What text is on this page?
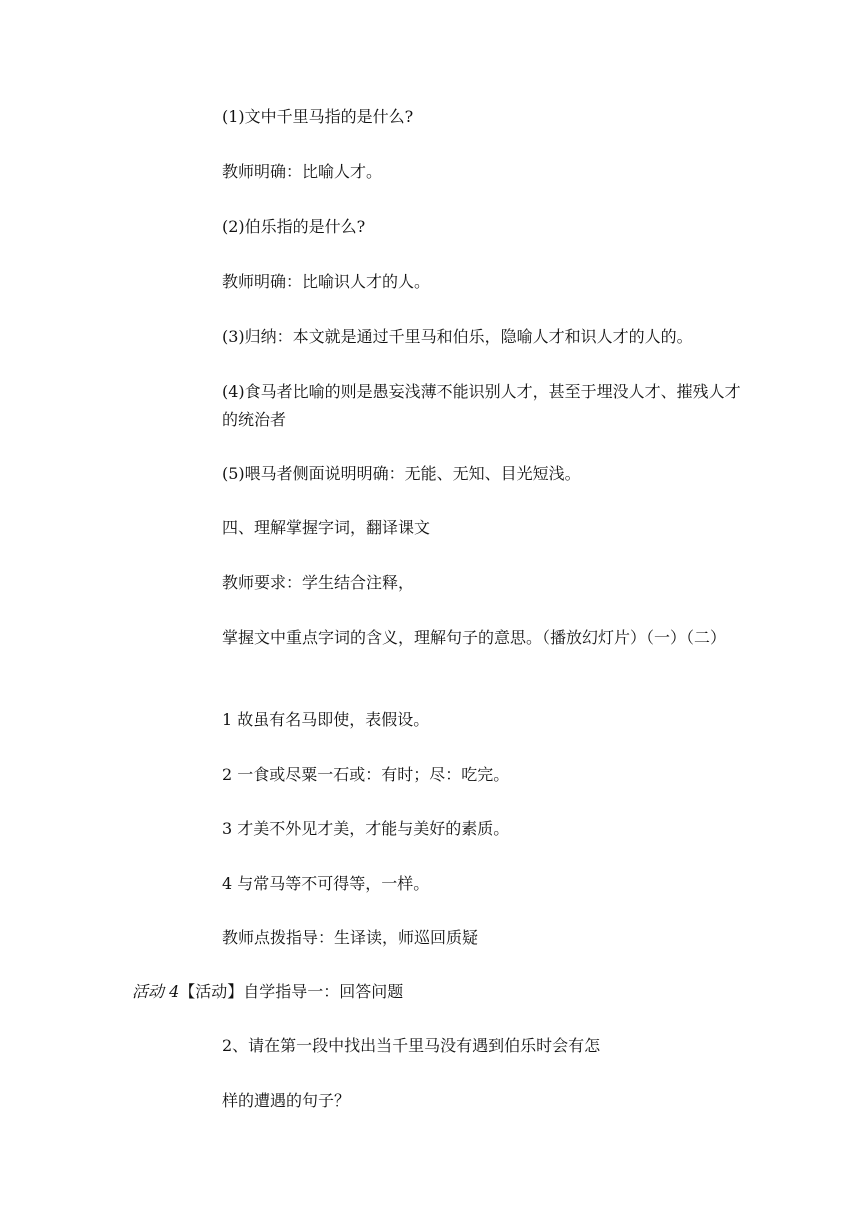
(1)文中千里马指的是什么?
教师明确：比喻人才。
(2)伯乐指的是什么?
教师明确：比喻识人才的人。
(3)归纳：本文就是通过千里马和伯乐，隐喻人才和识人才的人的。
(4)食马者比喻的则是愚妄浅薄不能识别人才，甚至于埋没人才、摧残人才的统治者
(5)喂马者侧面说明明确：无能、无知、目光短浅。
四、理解掌握字词，翻译课文
教师要求：学生结合注释，
掌握文中重点字词的含义，理解句子的意思。（播放幻灯片）（一）（二）
1 故虽有名马即使，表假设。
2 一食或尽粟一石或：有时；尽：吃完。
3 才美不外见才美，才能与美好的素质。
4 与常马等不可得等，一样。
教师点拨指导：生译读，师巡回质疑
活动 4【活动】自学指导一：回答问题
2、请在第一段中找出当千里马没有遇到伯乐时会有怎
样的遭遇的句子？
